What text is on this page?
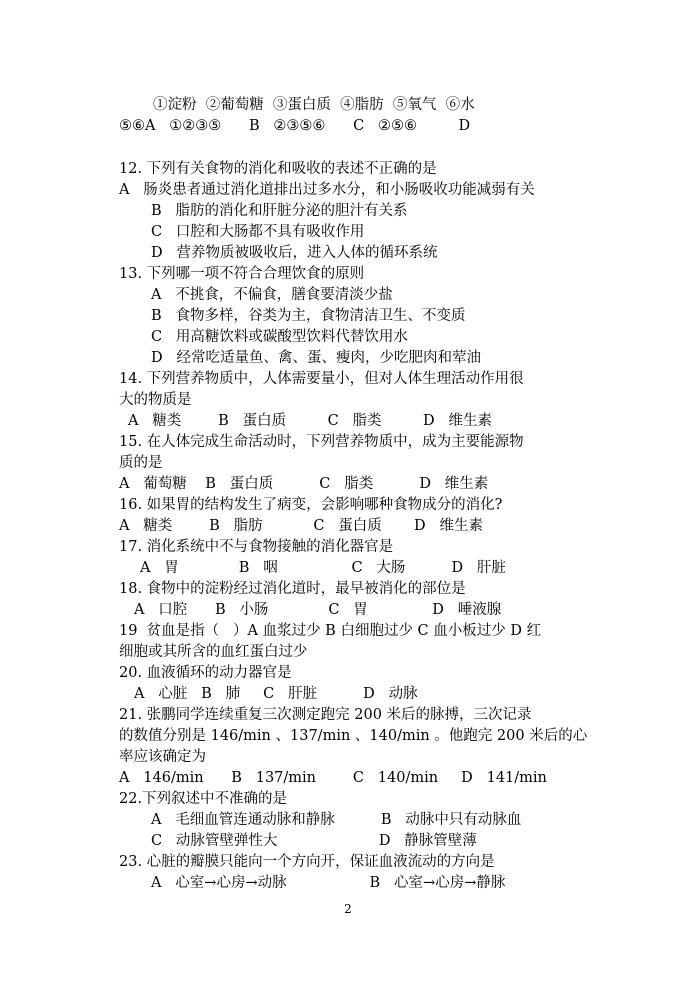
①淀粉  ②葡萄糖  ③蛋白质  ④脂肪  ⑤氧气  ⑥水
⑤⑥A   ①②③⑤      B   ②③⑤⑥      C   ②⑤⑥         D
12. 下列有关食物的消化和吸收的表述不正确的是
A   肠炎患者通过消化道排出过多水分，和小肠吸收功能减弱有关
B   脂肪的消化和肝脏分泌的胆汁有关系
C   口腔和大肠都不具有吸收作用
D   营养物质被吸收后，进入人体的循环系统
13. 下列哪一项不符合合理饮食的原则
A   不挑食，不偏食，膳食要清淡少盐
B   食物多样，谷类为主，食物清洁卫生、不变质
C   用高糖饮料或碳酸型饮料代替饮用水
D   经常吃适量鱼、禽、蛋、瘦肉，少吃肥肉和荤油
14. 下列营养物质中，人体需要量小，但对人体生理活动作用很
大的物质是
A   糖类        B   蛋白质         C   脂类         D   维生素
15. 在人体完成生命活动时，下列营养物质中，成为主要能源物
质的是
A   葡萄糖    B   蛋白质          C   脂类          D   维生素
16. 如果胃的结构发生了病变，会影响哪种食物成分的消化?
A   糖类        B   脂肪           C   蛋白质       D   维生素
17. 消化系统中不与食物接触的消化器官是
A   胃             B   咽                C   大肠          D   肝脏
18. 食物中的淀粉经过消化道时，最早被消化的部位是
A   口腔      B   小肠             C   胃              D   唾液腺
19  贫血是指（   ）A 血浆过少 B 白细胞过少 C 血小板过少 D 红
细胞或其所含的血红蛋白过少
20. 血液循环的动力器官是
A   心脏   B   肺     C   肝脏          D   动脉
21. 张鹏同学连续重复三次测定跑完 200 米后的脉搏，三次记录
的数值分别是 146/min 、137/min 、140/min 。他跑完 200 米后的心
率应该确定为
A   146/min      B   137/min        C   140/min     D   141/min
22.下列叙述中不准确的是
A   毛细血管连通动脉和静脉          B   动脉中只有动脉血
C   动脉管壁弹性大                      D   静脉管壁薄
23. 心脏的瓣膜只能向一个方向开，保证血液流动的方向是
A   心室→心房→动脉                  B   心室→心房→静脉
2
